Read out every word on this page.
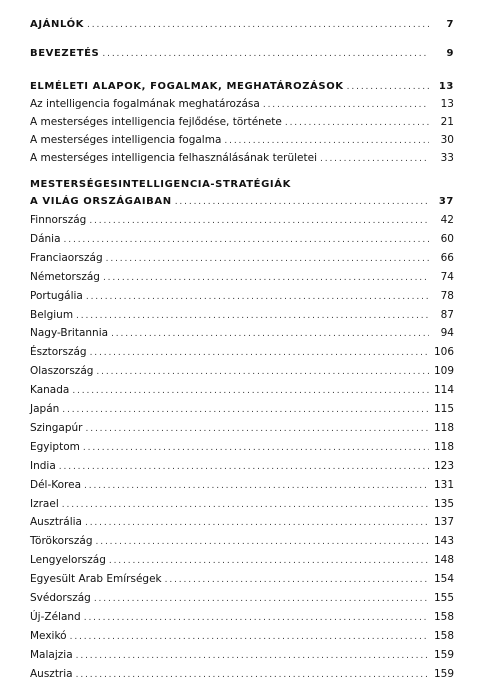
AJÁNLÓK . . .	7
BEVEZETÉS . . .	9
ELMÉLETI ALAPOK, FOGALMAK, MEGHATÁROZÁSOK . . .	13
Az intelligencia fogalmának meghatározása . . .	13
A mesterséges intelligencia fejlődése, története . . .	21
A mesterséges intelligencia fogalma . . .	30
A mesterséges intelligencia felhasználásának területei . . .	33
MESTERSÉGESINTELLIGENCIA-STRATÉGIÁK
A VILÁG ORSZÁGAIBAN . . .	37
Finnország . . .	42
Dánia . . .	60
Franciaország . . .	66
Németország . . .	74
Portugália . . .	78
Belgium . . .	87
Nagy-Britannia . . .	94
Észtország . . .	106
Olaszország . . .	109
Kanada . . .	114
Japán . . .	115
Szingapúr . . .	118
Egyiptom . . .	118
India . . .	123
Dél-Korea . . .	131
Izrael . . .	135
Ausztrália . . .	137
Törökország . . .	143
Lengyelország . . .	148
Egyesült Arab Emírségek . . .	154
Svédország . . .	155
Új-Zéland . . .	158
Mexikó . . .	158
Malajzia . . .	159
Ausztria . . .	159
